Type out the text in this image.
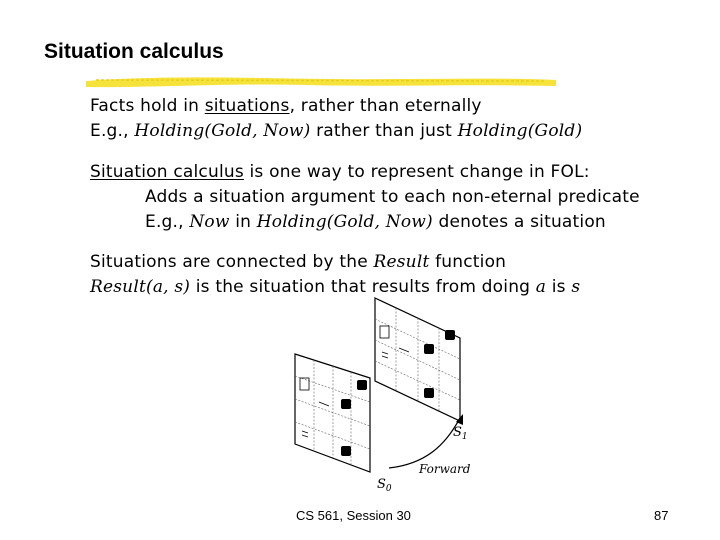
Situation calculus
Facts hold in situations, rather than eternally
E.g., Holding(Gold, Now) rather than just Holding(Gold)
Situation calculus is one way to represent change in FOL:
Adds a situation argument to each non-eternal predicate
E.g., Now in Holding(Gold, Now) denotes a situation
Situations are connected by the Result function
Result(a, s) is the situation that results from doing a is s
$S_1$
Forward
$S_0$
CS 561, Session 30	87
